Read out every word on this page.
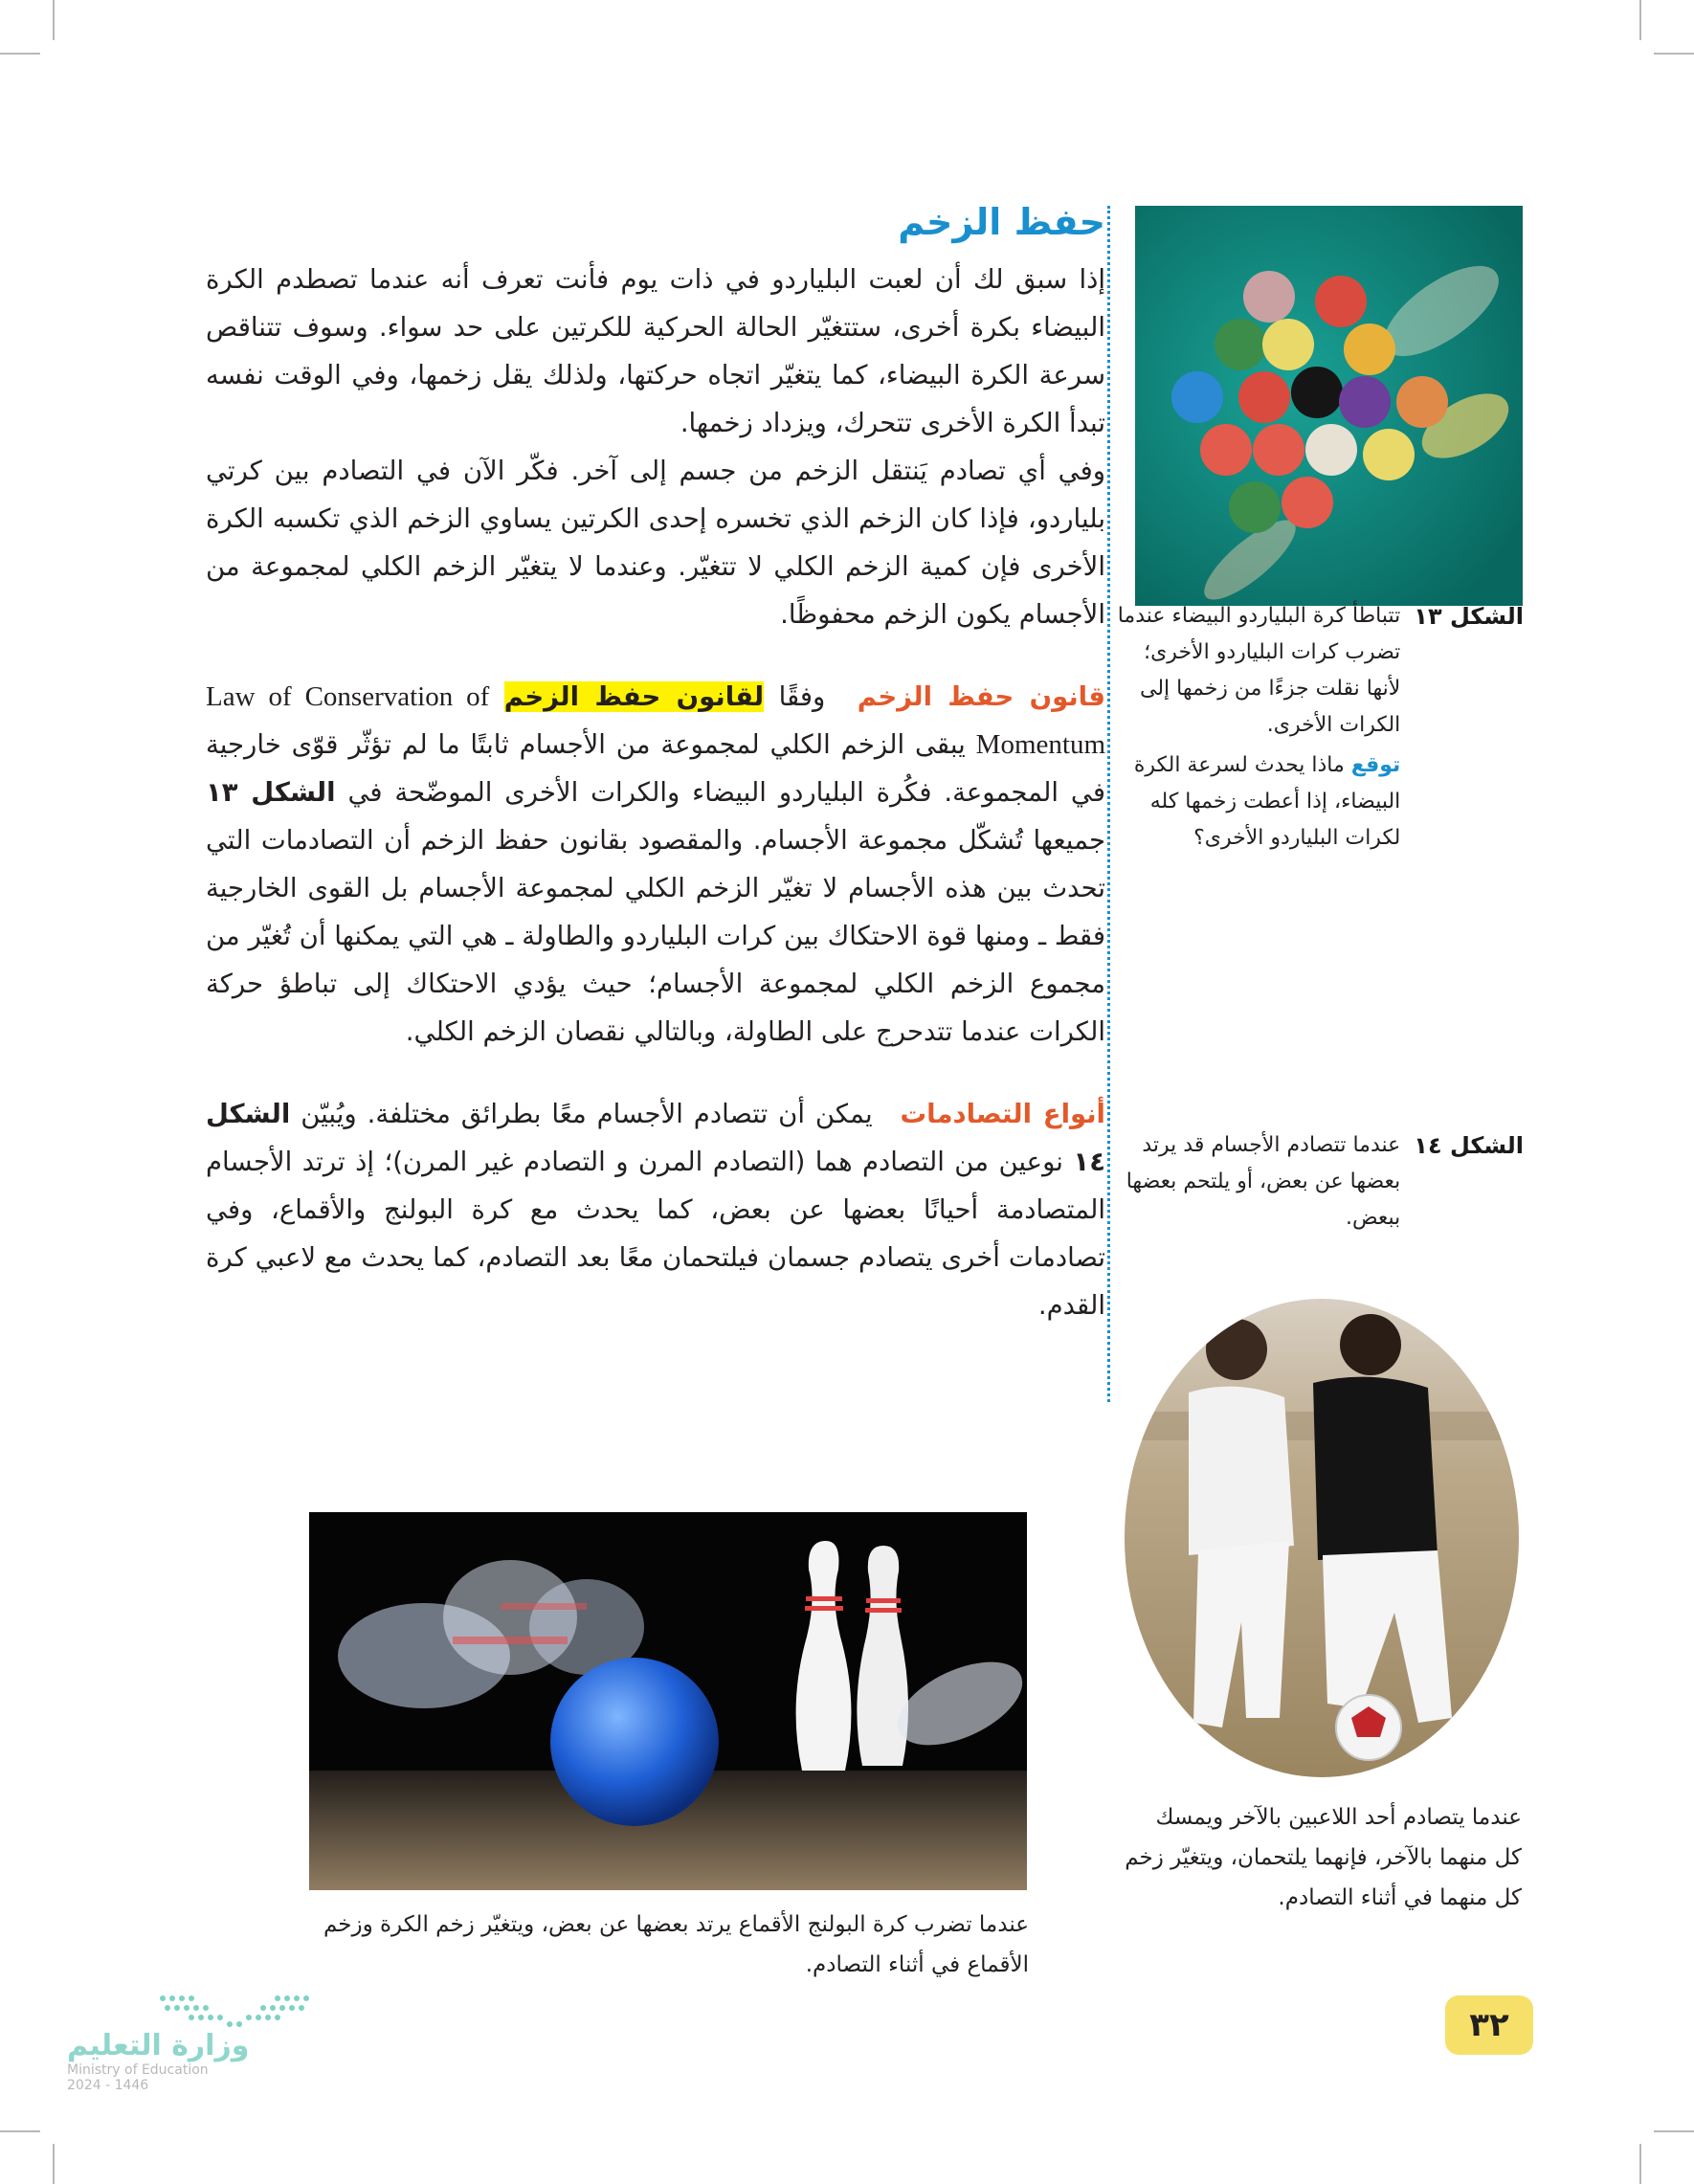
حفظ الزخم

إذا سبق لك أن لعبت البلياردو في ذات يوم فأنت تعرف أنه عندما تصطدم الكرة البيضاء بكرة أخرى، ستتغيّر الحالة الحركية للكرتين على حد سواء. وسوف تتناقص سرعة الكرة البيضاء، كما يتغيّر اتجاه حركتها، ولذلك يقل زخمها، وفي الوقت نفسه تبدأ الكرة الأخرى تتحرك، ويزداد زخمها.

وفي أي تصادم يَنتقل الزخم من جسم إلى آخر. فكّر الآن في التصادم بين كرتي بلياردو، فإذا كان الزخم الذي تخسره إحدى الكرتين يساوي الزخم الذي تكسبه الكرة الأخرى فإن كمية الزخم الكلي لا تتغيّر. وعندما لا يتغيّر الزخم الكلي لمجموعة من الأجسام يكون الزخم محفوظًا.

قانون حفظ الزخم وفقًا لقانون حفظ الزخم Law of Conservation of Momentum يبقى الزخم الكلي لمجموعة من الأجسام ثابتًا ما لم تؤثّر قوّى خارجية في المجموعة. فكُرة البلياردو البيضاء والكرات الأخرى الموضّحة في الشكل ١٣ جميعها تُشكّل مجموعة الأجسام. والمقصود بقانون حفظ الزخم أن التصادمات التي تحدث بين هذه الأجسام لا تغيّر الزخم الكلي لمجموعة الأجسام بل القوى الخارجية فقط ـ ومنها قوة الاحتكاك بين كرات البلياردو والطاولة ـ هي التي يمكنها أن تُغيّر من مجموع الزخم الكلي لمجموعة الأجسام؛ حيث يؤدي الاحتكاك إلى تباطؤ حركة الكرات عندما تتدحرج على الطاولة، وبالتالي نقصان الزخم الكلي.

أنواع التصادمات يمكن أن تتصادم الأجسام معًا بطرائق مختلفة. ويُبيّن الشكل ١٤ نوعين من التصادم هما (التصادم المرن و التصادم غير المرن)؛ إذ ترتد الأجسام المتصادمة أحيانًا بعضها عن بعض، كما يحدث مع كرة البولنج والأقماع، وفي تصادمات أخرى يتصادم جسمان فيلتحمان معًا بعد التصادم، كما يحدث مع لاعبي كرة القدم.

الشكل ١٣
تتباطأ كرة البلياردو البيضاء عندما تضرب كرات البلياردو الأخرى؛ لأنها نقلت جزءًا من زخمها إلى الكرات الأخرى.
توقع ماذا يحدث لسرعة الكرة البيضاء، إذا أعطت زخمها كله لكرات البلياردو الأخرى؟
الشكل ١٤
عندما تتصادم الأجسام قد يرتد بعضها عن بعض، أو يلتحم بعضها ببعض.
عندما يتصادم أحد اللاعبين بالآخر ويمسك كل منهما بالآخر، فإنهما يلتحمان، ويتغيّر زخم كل منهما في أثناء التصادم.
عندما تضرب كرة البولنج الأقماع يرتد بعضها عن بعض، ويتغيّر زخم الكرة وزخم الأقماع في أثناء التصادم.
٣٢
وزارة التعليم
Ministry of Education
2024 - 1446
